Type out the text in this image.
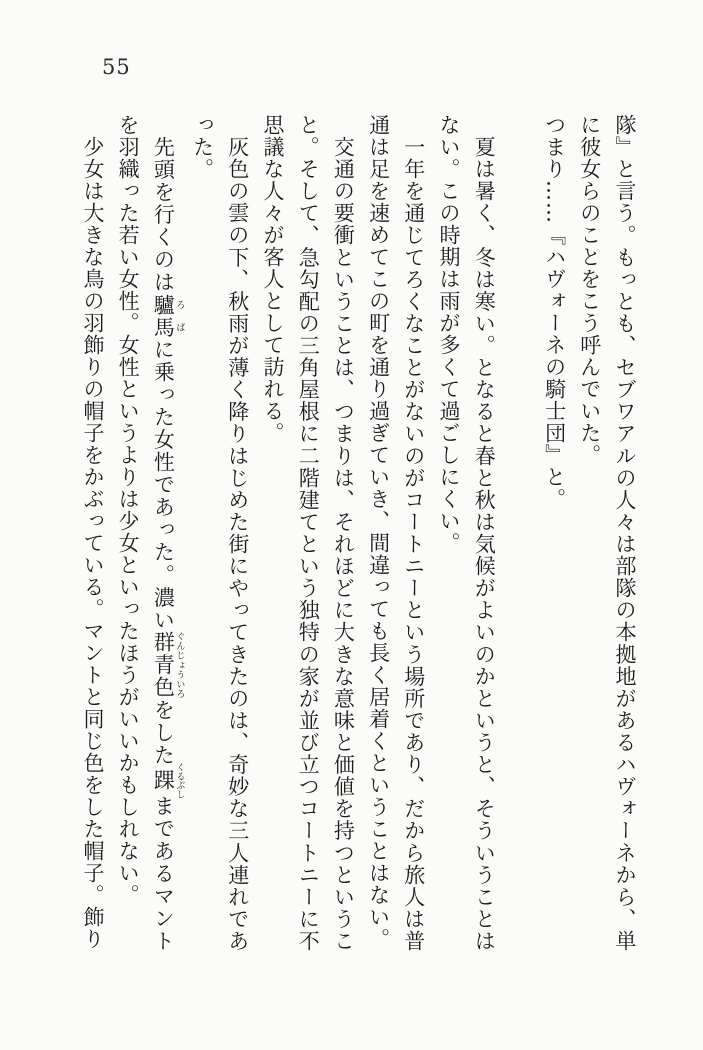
55

隊』と言う。もっとも、セブワアルの人々は部隊の本拠地があるハヴォーネから、単に彼女らのことをこう呼んでいた。

つまり……『ハヴォーネの騎士団』と。

夏は暑く、冬は寒い。となると春と秋は気候がよいのかというと、そういうことはない。この時期は雨が多くて過ごしにくい。

一年を通じてろくなことがないのがコートニーという場所であり、だから旅人は普通は足を速めてこの町を通り過ぎていき、間違っても長く居着くということはない。

交通の要衝ということは、つまりは、それほどに大きな意味と価値を持つということ。そして、急勾配の三角屋根に二階建てという独特の家が並び立つコートニーに不思議な人々が客人として訪れる。

灰色の雲の下、秋雨が薄く降りはじめた街にやってきたのは、奇妙な三人連れであった。

先頭を行くのは驢馬 ろばに乗った女性であった。濃い群青色 ぐんじょういろをした踝 くるぶしまであるマントを羽織った若い女性。女性というよりは少女といったほうがいいかもしれない。

少女は大きな鳥の羽飾りの帽子をかぶっている。マントと同じ色をした帽子。飾り
